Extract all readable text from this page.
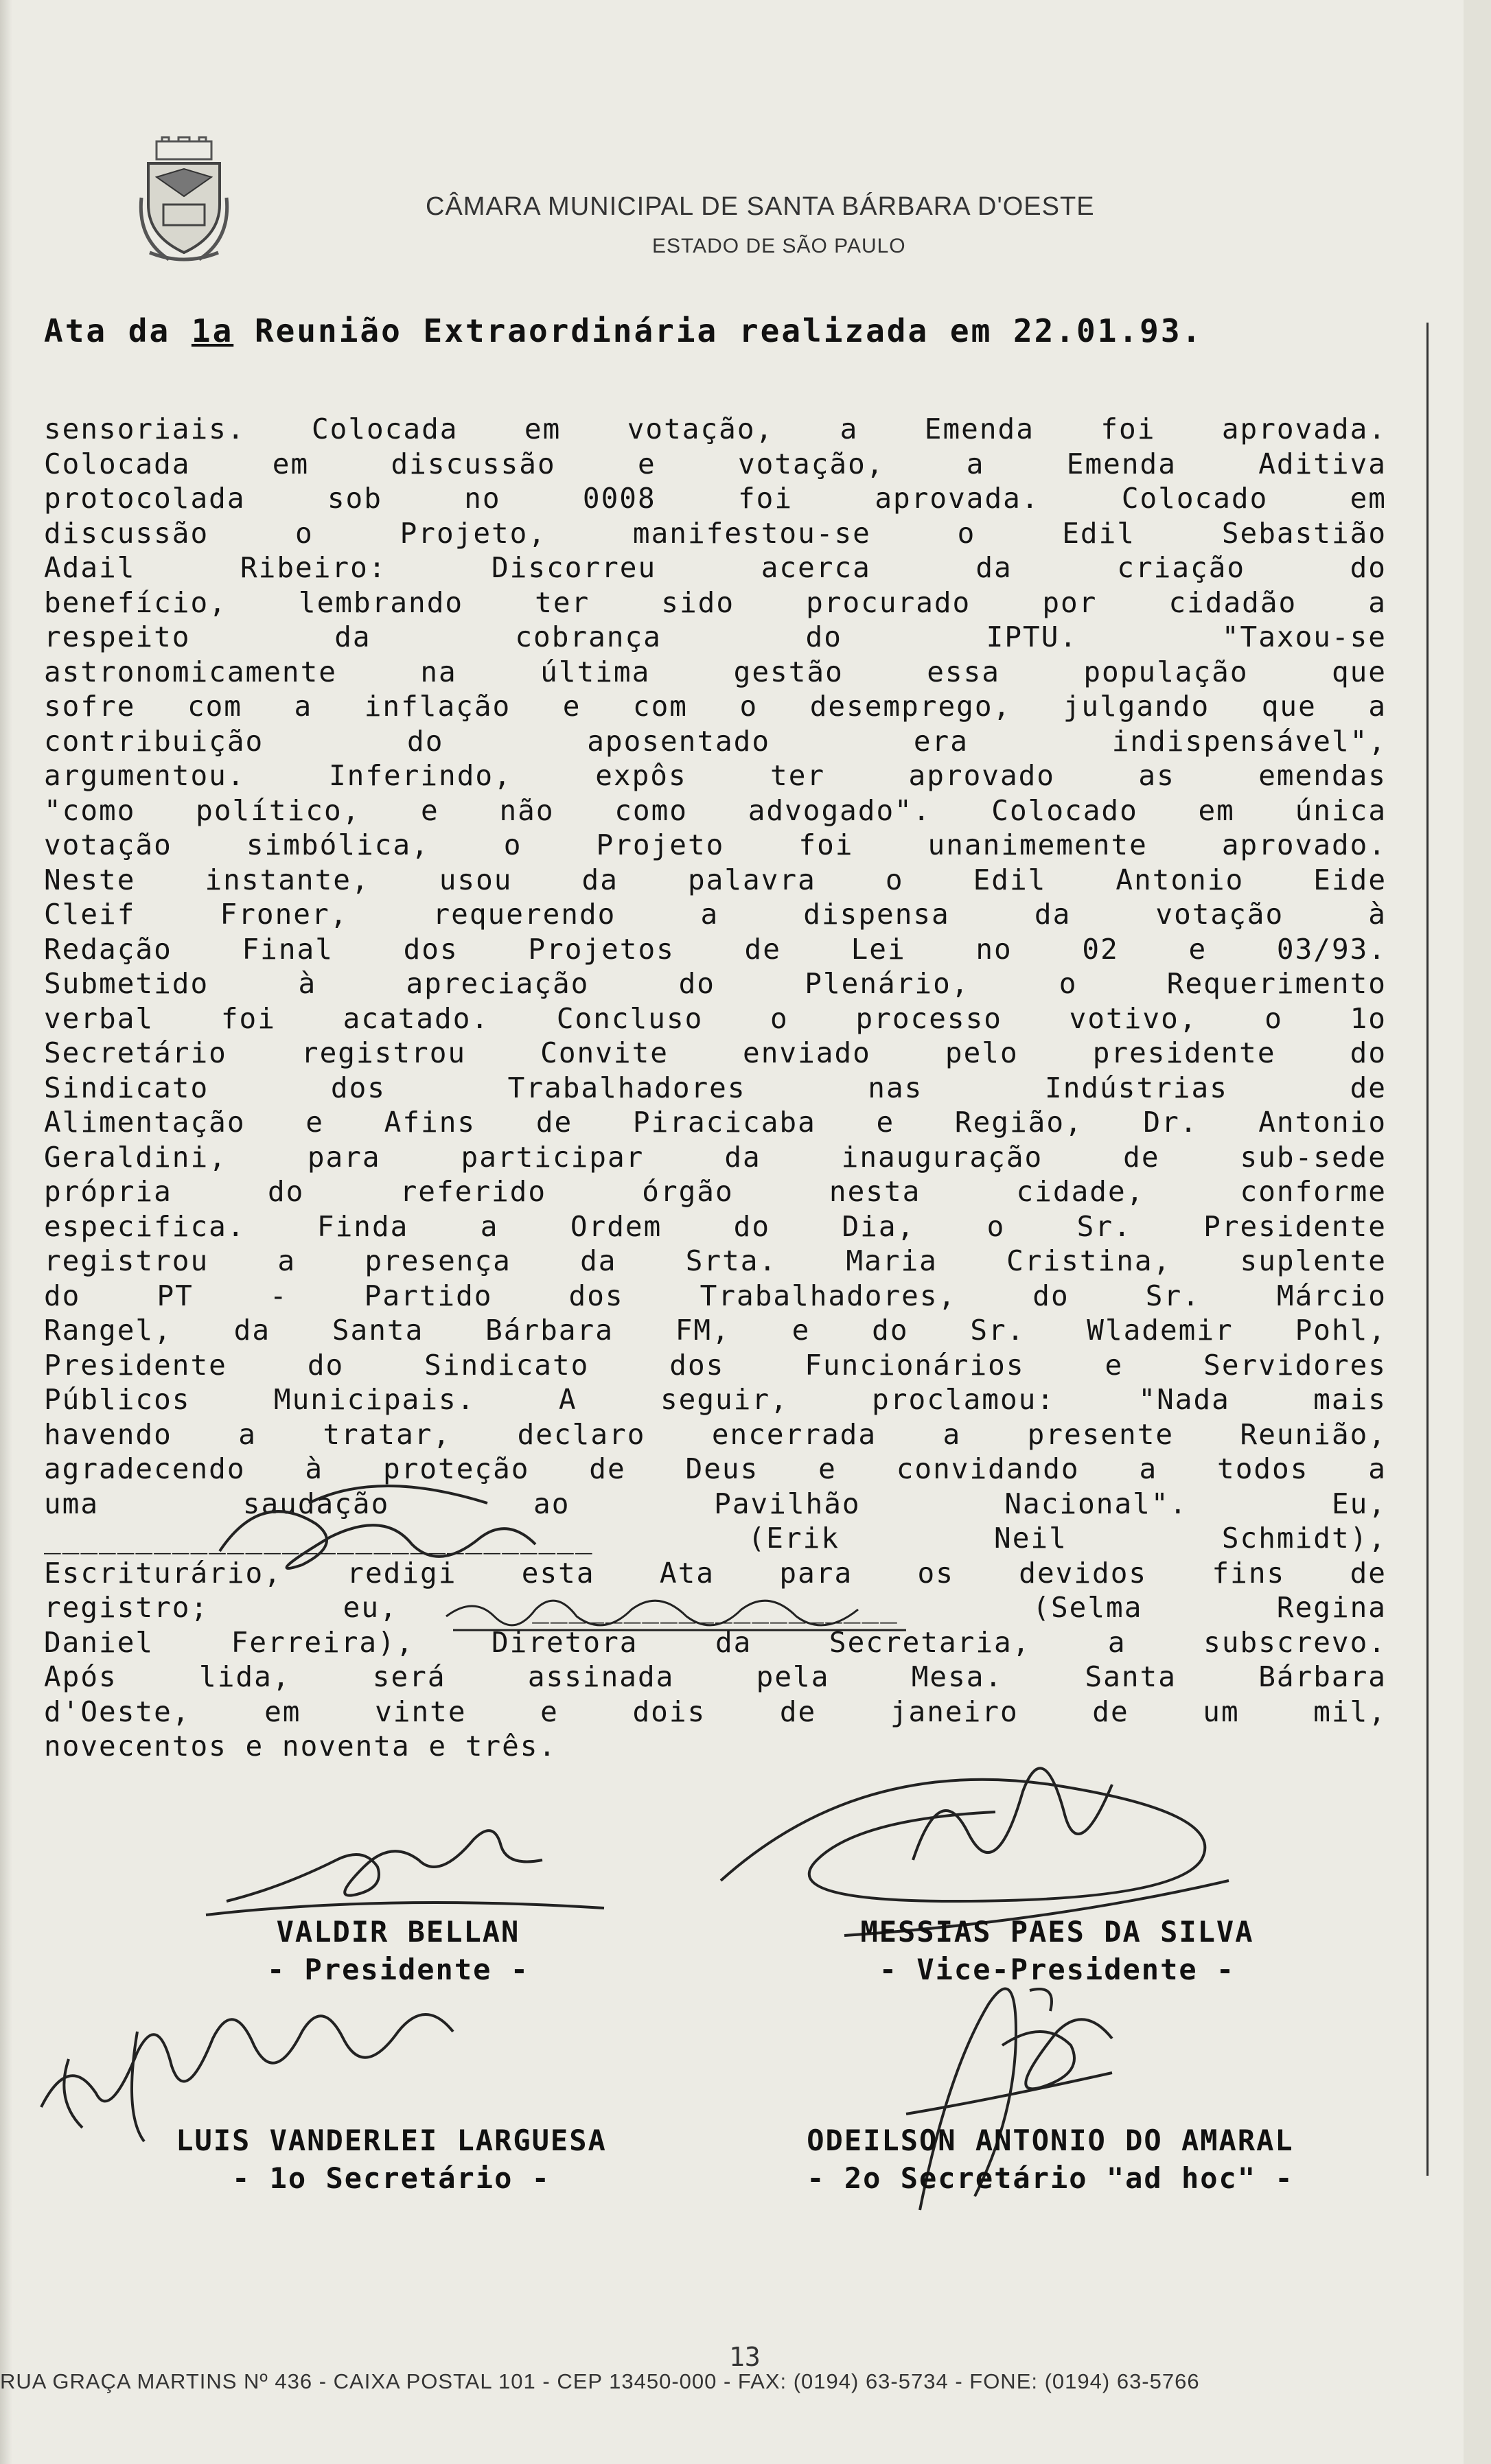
CÂMARA MUNICIPAL DE SANTA BÁRBARA D'OESTE
ESTADO DE SÃO PAULO
Ata da 1a Reunião Extraordinária realizada em 22.01.93.
sensoriais. Colocada em votação, a Emenda foi aprovada.
Colocada em discussão e votação, a Emenda Aditiva
protocolada sob no 0008 foi aprovada. Colocado em
discussão o Projeto, manifestou-se o Edil Sebastião
Adail Ribeiro: Discorreu acerca da criação do
benefício, lembrando ter sido procurado por cidadão a
respeito da cobrança do IPTU. "Taxou-se
astronomicamente na última gestão essa população que
sofre com a inflação e com o desemprego, julgando que a
contribuição do aposentado era indispensável",
argumentou. Inferindo, expôs ter aprovado as emendas
"como político, e não como advogado". Colocado em única
votação simbólica, o Projeto foi unanimemente aprovado.
Neste instante, usou da palavra o Edil Antonio Eide
Cleif Froner, requerendo a dispensa da votação à
Redação Final dos Projetos de Lei no 02 e 03/93.
Submetido à apreciação do Plenário, o Requerimento
verbal foi acatado. Concluso o processo votivo, o 1o
Secretário registrou Convite enviado pelo presidente do
Sindicato dos Trabalhadores nas Indústrias de
Alimentação e Afins de Piracicaba e Região, Dr. Antonio
Geraldini, para participar da inauguração de sub-sede
própria do referido órgão nesta cidade, conforme
especifica. Finda a Ordem do Dia, o Sr. Presidente
registrou a presença da Srta. Maria Cristina, suplente
do PT - Partido dos Trabalhadores, do Sr. Márcio
Rangel, da Santa Bárbara FM, e do Sr. Wlademir Pohl,
Presidente do Sindicato dos Funcionários e Servidores
Públicos Municipais. A seguir, proclamou: "Nada mais
havendo a tratar, declaro encerrada a presente Reunião,
agradecendo à proteção de Deus e convidando a todos a
uma saudação ao Pavilhão Nacional". Eu,
______________________________ (Erik Neil Schmidt),
Escriturário, redigi esta Ata para os devidos fins de
registro; eu, ____________________ (Selma Regina
Daniel Ferreira), Diretora da Secretaria, a subscrevo.
Após lida, será assinada pela Mesa. Santa Bárbara
d'Oeste, em vinte e dois de janeiro de um mil,
novecentos e noventa e três.
VALDIR BELLAN
- Presidente -
MESSIAS PAES DA SILVA
- Vice-Presidente -
LUIS VANDERLEI LARGUESA
- 1o Secretário -
ODEILSON ANTONIO DO AMARAL
- 2o Secretário "ad hoc" -
13
RUA GRAÇA MARTINS Nº 436 - CAIXA POSTAL 101 - CEP 13450-000 - FAX: (0194) 63-5734 - FONE: (0194) 63-5766
